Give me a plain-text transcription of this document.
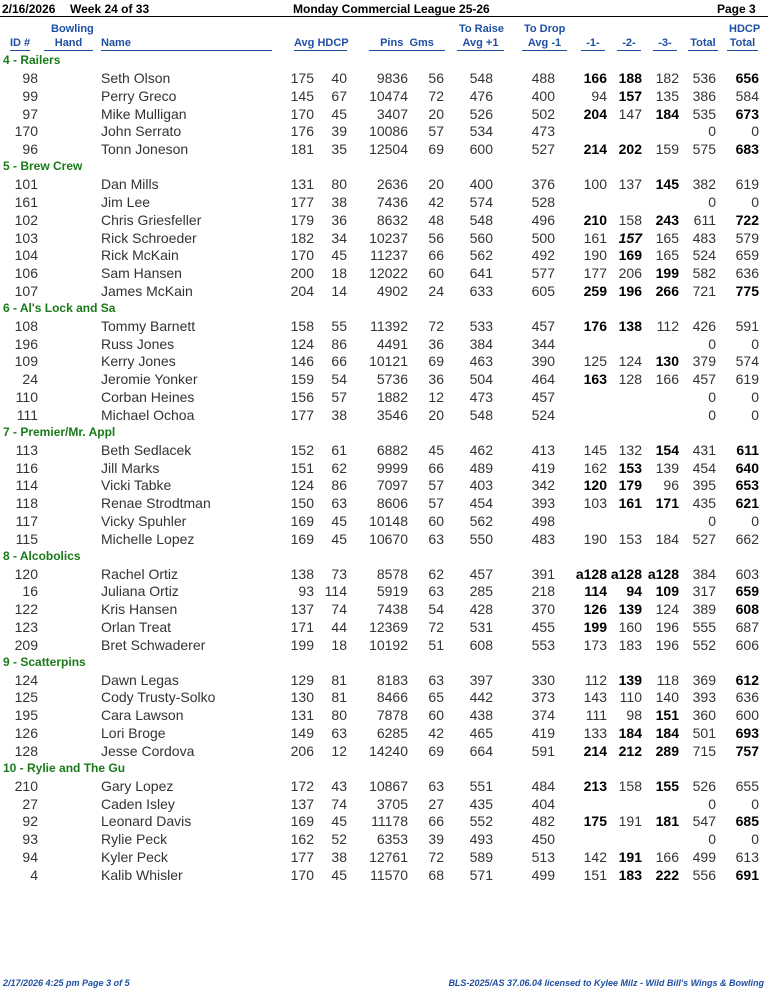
2/16/2026 Week 24 of 33	Monday Commercial League 25-26	Page 3
ID #
Bowling
Hand	Name	Avg HDCP	Pins Gms
To Raise
Avg +1
To Drop
Avg -1	-1-	-2-	-3-	Total
HDCP
Total
4 - Railers
98	Seth Olson	175 40 9836 56 548	488 166 188 182 536 656
99	Perry Greco	145 67 10474 72 476	400	94 157 135 386 584
97	Mike Mulligan	170 45 3407 20 526	502 204 147 184 535 673
170	John Serrato	176 39 10086 57 534	473	0	0
96	Tonn Joneson	181 35 12504 69 600	527 214 202 159 575 683
5 - Brew Crew
101	Dan Mills	131 80 2636 20 400	376 100 137 145 382 619
161	Jim Lee	177 38 7436 42 574	528	0	0
102	Chris Griesfeller	179 36 8632 48 548	496 210 158 243 611 722
103	Rick Schroeder	182 34 10237 56 560	500 161 157 165 483 579
104	Rick McKain	170 45 11237 66 562	492 190 169 165 524 659
106	Sam Hansen	200 18 12022 60 641	577 177 206 199 582 636
107	James McKain	204 14 4902 24 633	605 259 196 266 721 775
6 - Al's Lock and Sa
108	Tommy Barnett	158 55 11392 72 533	457 176 138 112 426 591
196	Russ Jones	124 86 4491 36 384	344	0	0
109	Kerry Jones	146 66 10121 69 463	390 125 124 130 379 574
24	Jeromie Yonker	159 54 5736 36 504	464 163 128 166 457 619
110	Corban Heines	156 57 1882 12 473	457	0	0
111	Michael Ochoa	177 38 3546 20 548	524	0	0
7 - Premier/Mr. Appl
113	Beth Sedlacek	152 61 6882 45 462	413 145 132 154 431 611
116	Jill Marks	151 62 9999 66 489	419 162 153 139 454 640
114	Vicki Tabke	124 86 7097 57 403	342 120 179 96 395 653
118	Renae Strodtman	150 63 8606 57 454	393 103 161 171 435 621
117	Vicky Spuhler	169 45 10148 60 562	498	0	0
115	Michelle Lopez	169 45 10670 63 550	483 190 153 184 527 662
8 - Alcobolics
120	Rachel Ortiz	138 73 8578 62 457	391 a128 a128 a128 384 603
16	Juliana Ortiz	93 114 5919 63 285	218 114 94 109 317 659
122	Kris Hansen	137 74 7438 54 428	370 126 139 124 389 608
123	Orlan Treat	171 44 12369 72 531	455 199 160 196 555 687
209	Bret Schwaderer	199 18 10192 51 608	553 173 183 196 552 606
9 - Scatterpins
124	Dawn Legas	129 81 8183 63 397	330 112 139 118 369 612
125	Cody Trusty-Solko	130 81 8466 65 442	373 143 110 140 393 636
195	Cara Lawson	131 80 7878 60 438	374 111 98 151 360 600
126	Lori Broge	149 63 6285 42 465	419 133 184 184 501 693
128	Jesse Cordova	206 12 14240 69 664	591 214 212 289 715 757
10 - Rylie and The Gu
210	Gary Lopez	172 43 10867 63 551	484 213 158 155 526 655
27	Caden Isley	137 74 3705 27 435	404	0	0
92	Leonard Davis	169 45 11178 66 552	482 175 191 181 547 685
93	Rylie Peck	162 52 6353 39 493	450	0	0
94	Kyler Peck	177 38 12761 72 589	513 142 191 166 499 613
4	Kalib Whisler	170 45 11570 68 571	499 151 183 222 556 691
2/17/2026 4:25 pm Page 3 of 5	BLS-2025/AS 37.06.04 licensed to Kylee Milz - Wild Bill's Wings & Bowling
